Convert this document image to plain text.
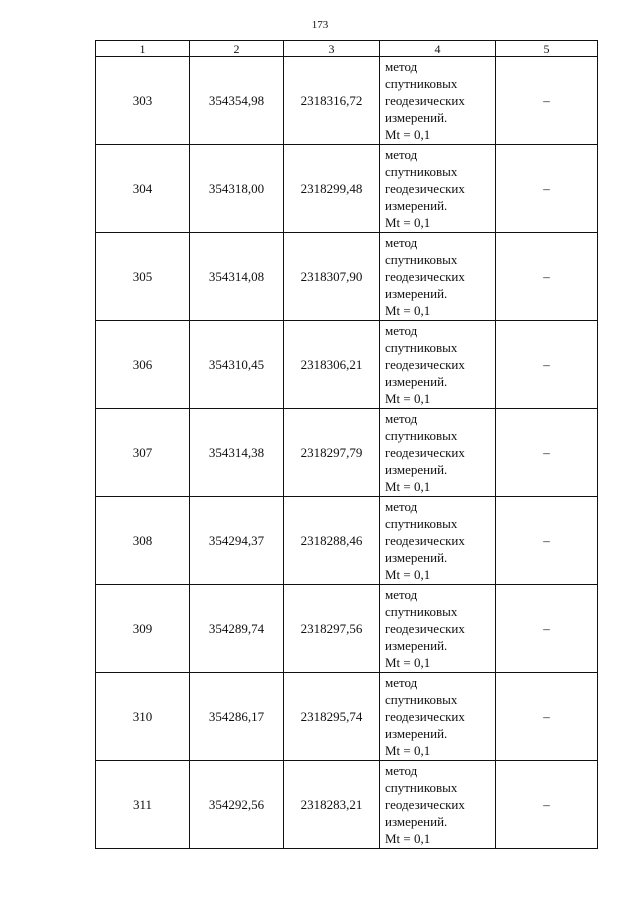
173
1	2	3	4	5
303	354354,98	2318316,72	метод
спутниковых
геодезических
измерений.
Mt = 0,1	–
304	354318,00	2318299,48	метод
спутниковых
геодезических
измерений.
Mt = 0,1	–
305	354314,08	2318307,90	метод
спутниковых
геодезических
измерений.
Mt = 0,1	–
306	354310,45	2318306,21	метод
спутниковых
геодезических
измерений.
Mt = 0,1	–
307	354314,38	2318297,79	метод
спутниковых
геодезических
измерений.
Mt = 0,1	–
308	354294,37	2318288,46	метод
спутниковых
геодезических
измерений.
Mt = 0,1	–
309	354289,74	2318297,56	метод
спутниковых
геодезических
измерений.
Mt = 0,1	–
310	354286,17	2318295,74	метод
спутниковых
геодезических
измерений.
Mt = 0,1	–
311	354292,56	2318283,21	метод
спутниковых
геодезических
измерений.
Mt = 0,1	–
